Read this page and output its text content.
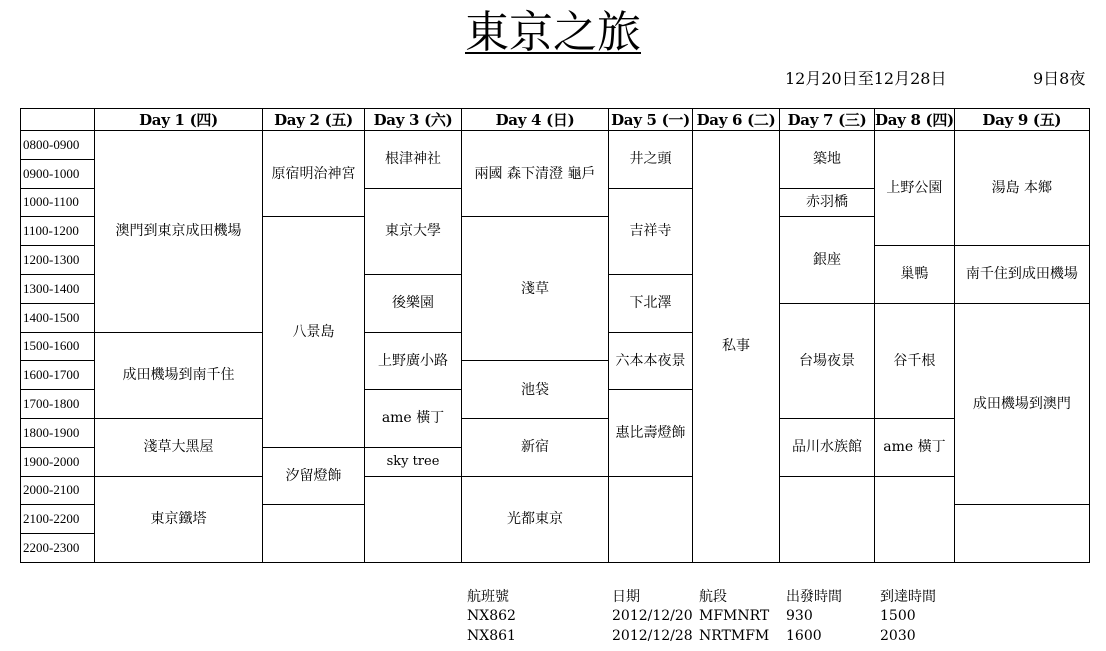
東京之旅
12月20日至12月28日	9日8夜
	Day 1 (四)	Day 2 (五)	Day 3 (六)	Day 4 (日)	Day 5 (一)	Day 6 (二)	Day 7 (三)	Day 8 (四)	Day 9 (五)
0800-0900	澳門到東京成田機場	原宿明治神宮	根津神社	兩國 森下清澄 龜戶	井之頭	私事	築地	上野公園	湯島 本鄉

0900-1000									
1000-1100			東京大學		吉祥寺		赤羽橋		

1100-1200		八景島		淺草			銀座		

1200-1300								巢鴨	南千住到成田機場

1300-1400			後樂園		下北澤				

1400-1500							台場夜景	谷千根	成田機場到澳門

1500-1600	成田機場到南千住		上野廣小路		六本本夜景				

1600-1700				池袋					

1700-1800			ame 橫丁		惠比壽燈飾				

1800-1900	淺草大黑屋			新宿			品川水族館	ame 橫丁	

1900-2000		汐留燈飾	sky tree						

2000-2100	東京鐵塔			光都東京					

2100-2200									
2200-2300									
航班號	日期	航段	出發時間	到達時間
NX862	2012/12/20	MFMNRT	930	1500
NX861	2012/12/28	NRTMFM	1600	2030
